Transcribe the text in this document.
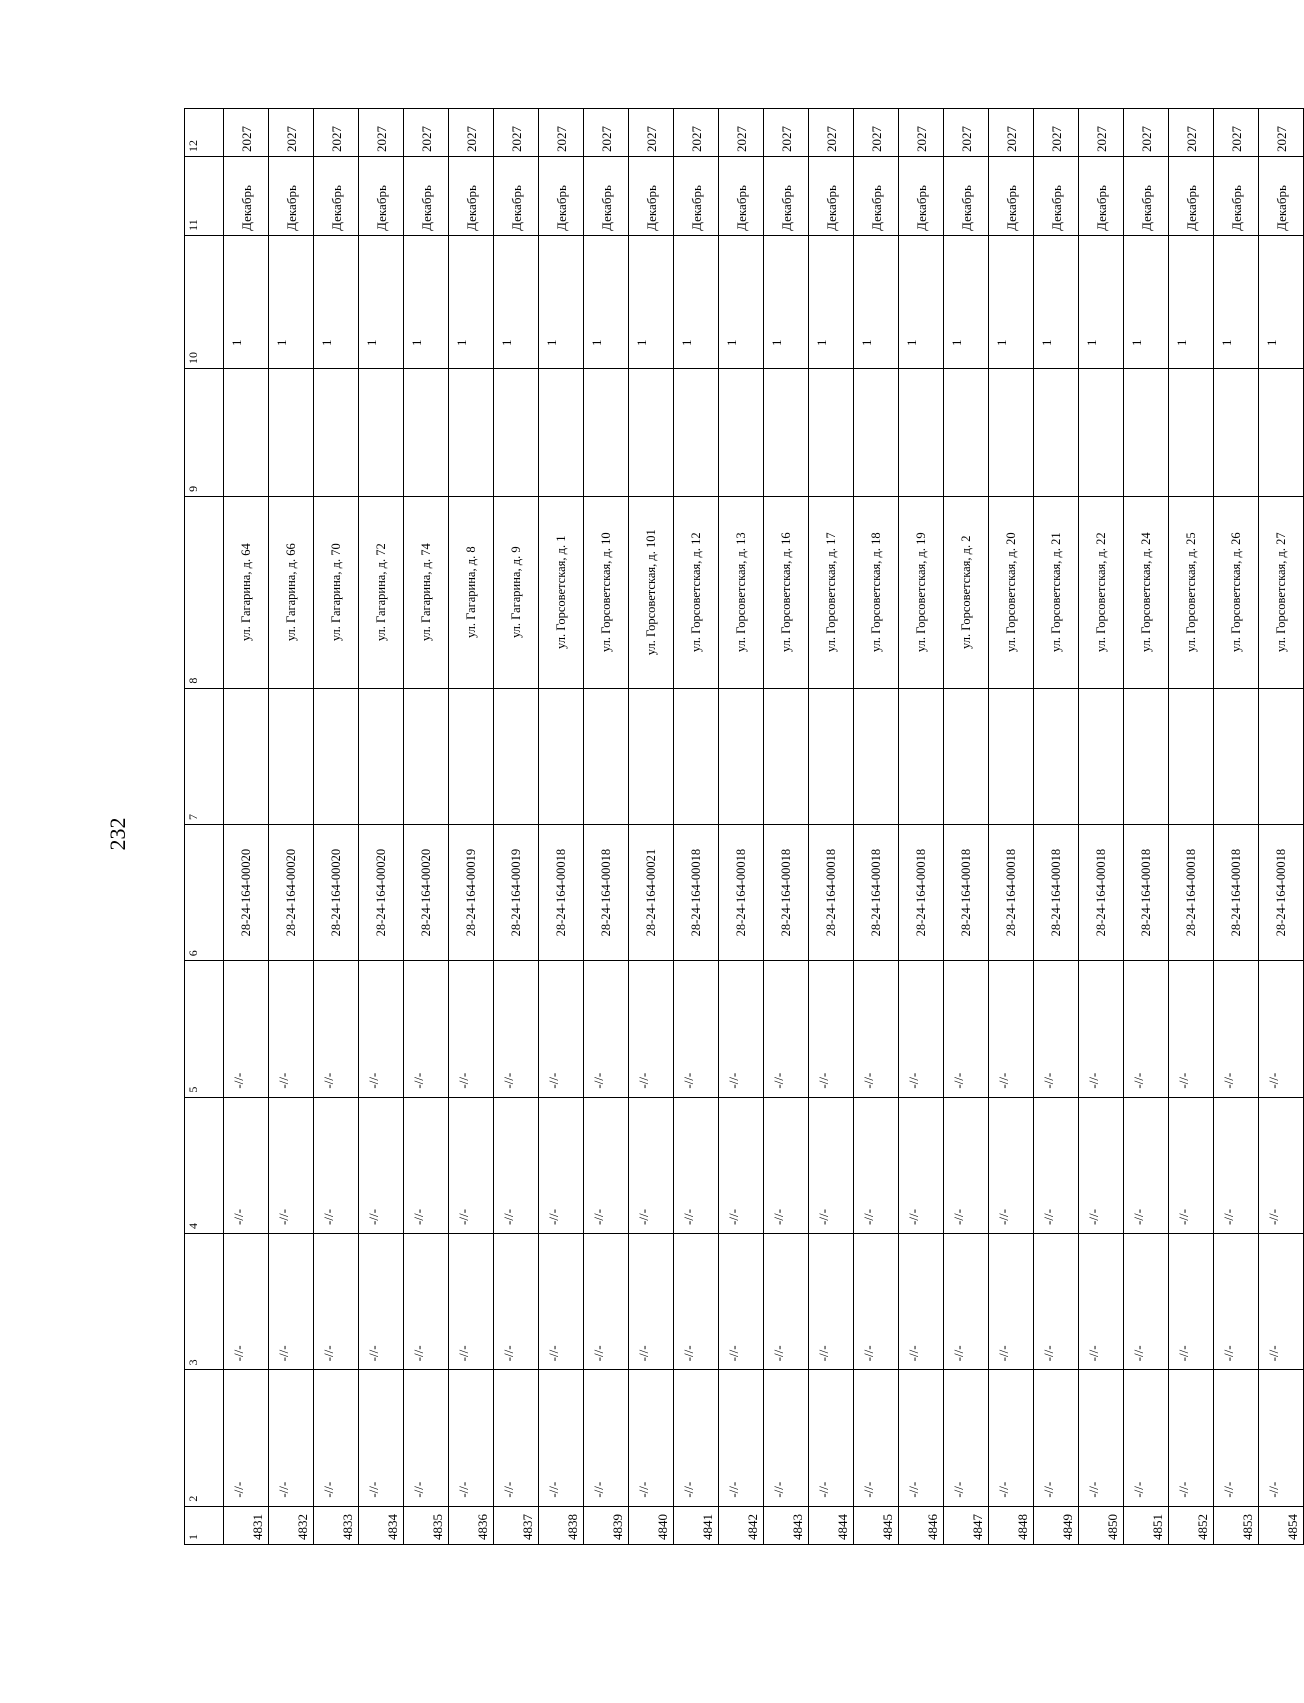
232
1	2	3	4	5	6	7	8	9	10	11	12
4831	-//-	-//-	-//-	-//-	28-24-164-00020		ул. Гагарина, д. 64		1	Декабрь	2027
4832	-//-	-//-	-//-	-//-	28-24-164-00020		ул. Гагарина, д. 66		1	Декабрь	2027
4833	-//-	-//-	-//-	-//-	28-24-164-00020		ул. Гагарина, д. 70		1	Декабрь	2027
4834	-//-	-//-	-//-	-//-	28-24-164-00020		ул. Гагарина, д. 72		1	Декабрь	2027
4835	-//-	-//-	-//-	-//-	28-24-164-00020		ул. Гагарина, д. 74		1	Декабрь	2027
4836	-//-	-//-	-//-	-//-	28-24-164-00019		ул. Гагарина, д. 8		1	Декабрь	2027
4837	-//-	-//-	-//-	-//-	28-24-164-00019		ул. Гагарина, д. 9		1	Декабрь	2027
4838	-//-	-//-	-//-	-//-	28-24-164-00018		ул. Горсоветская, д. 1		1	Декабрь	2027
4839	-//-	-//-	-//-	-//-	28-24-164-00018		ул. Горсоветская, д. 10		1	Декабрь	2027
4840	-//-	-//-	-//-	-//-	28-24-164-00021		ул. Горсоветская, д. 101		1	Декабрь	2027
4841	-//-	-//-	-//-	-//-	28-24-164-00018		ул. Горсоветская, д. 12		1	Декабрь	2027
4842	-//-	-//-	-//-	-//-	28-24-164-00018		ул. Горсоветская, д. 13		1	Декабрь	2027
4843	-//-	-//-	-//-	-//-	28-24-164-00018		ул. Горсоветская, д. 16		1	Декабрь	2027
4844	-//-	-//-	-//-	-//-	28-24-164-00018		ул. Горсоветская, д. 17		1	Декабрь	2027
4845	-//-	-//-	-//-	-//-	28-24-164-00018		ул. Горсоветская, д. 18		1	Декабрь	2027
4846	-//-	-//-	-//-	-//-	28-24-164-00018		ул. Горсоветская, д. 19		1	Декабрь	2027
4847	-//-	-//-	-//-	-//-	28-24-164-00018		ул. Горсоветская, д. 2		1	Декабрь	2027
4848	-//-	-//-	-//-	-//-	28-24-164-00018		ул. Горсоветская, д. 20		1	Декабрь	2027
4849	-//-	-//-	-//-	-//-	28-24-164-00018		ул. Горсоветская, д. 21		1	Декабрь	2027
4850	-//-	-//-	-//-	-//-	28-24-164-00018		ул. Горсоветская, д. 22		1	Декабрь	2027
4851	-//-	-//-	-//-	-//-	28-24-164-00018		ул. Горсоветская, д. 24		1	Декабрь	2027
4852	-//-	-//-	-//-	-//-	28-24-164-00018		ул. Горсоветская, д. 25		1	Декабрь	2027
4853	-//-	-//-	-//-	-//-	28-24-164-00018		ул. Горсоветская, д. 26		1	Декабрь	2027
4854	-//-	-//-	-//-	-//-	28-24-164-00018		ул. Горсоветская, д. 27		1	Декабрь	2027
